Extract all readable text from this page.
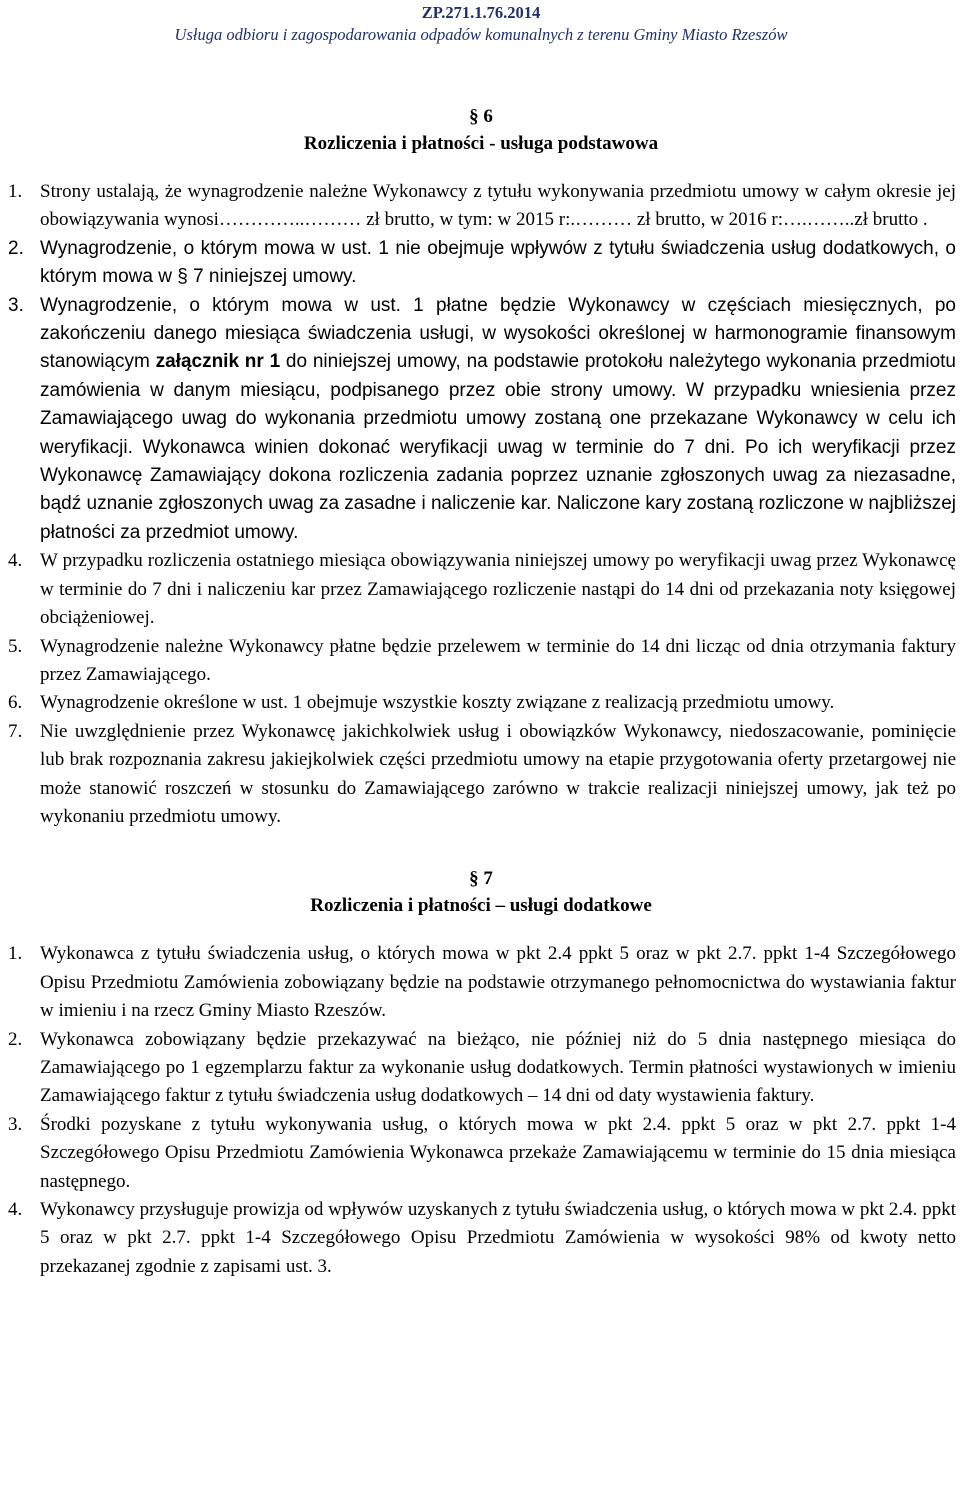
ZP.271.1.76.2014
Usługa odbioru i zagospodarowania odpadów komunalnych z terenu Gminy Miasto Rzeszów
§ 6
Rozliczenia i płatności - usługa podstawowa
1. Strony ustalają, że wynagrodzenie należne Wykonawcy z tytułu wykonywania przedmiotu umowy w całym okresie jej obowiązywania wynosi…………..……… zł brutto, w tym: w 2015 r:.……… zł brutto, w 2016 r:….……..zł brutto .
2. Wynagrodzenie, o którym mowa w ust. 1 nie obejmuje wpływów z tytułu świadczenia usług dodatkowych, o którym mowa w § 7 niniejszej umowy.
3. Wynagrodzenie, o którym mowa w ust. 1 płatne będzie Wykonawcy w częściach miesięcznych, po zakończeniu danego miesiąca świadczenia usługi, w wysokości określonej w harmonogramie finansowym stanowiącym załącznik nr 1 do niniejszej umowy, na podstawie protokołu należytego wykonania przedmiotu zamówienia w danym miesiącu, podpisanego przez obie strony umowy. W przypadku wniesienia przez Zamawiającego uwag do wykonania przedmiotu umowy zostaną one przekazane Wykonawcy w celu ich weryfikacji. Wykonawca winien dokonać weryfikacji uwag w terminie do 7 dni. Po ich weryfikacji przez Wykonawcę Zamawiający dokona rozliczenia zadania poprzez uznanie zgłoszonych uwag za niezasadne, bądź uznanie zgłoszonych uwag za zasadne i naliczenie kar. Naliczone kary zostaną rozliczone w najbliższej płatności za przedmiot umowy.
4. W przypadku rozliczenia ostatniego miesiąca obowiązywania niniejszej umowy po weryfikacji uwag przez Wykonawcę w terminie do 7 dni i naliczeniu kar przez Zamawiającego rozliczenie nastąpi do 14 dni od przekazania noty księgowej obciążeniowej.
5. Wynagrodzenie należne Wykonawcy płatne będzie przelewem w terminie do 14 dni licząc od dnia otrzymania faktury przez Zamawiającego.
6. Wynagrodzenie określone w ust. 1 obejmuje wszystkie koszty związane z realizacją przedmiotu umowy.
7. Nie uwzględnienie przez Wykonawcę jakichkolwiek usług i obowiązków Wykonawcy, niedoszacowanie, pominięcie lub brak rozpoznania zakresu jakiejkolwiek części przedmiotu umowy na etapie przygotowania oferty przetargowej nie może stanowić roszczeń w stosunku do Zamawiającego zarówno w trakcie realizacji niniejszej umowy, jak też po wykonaniu przedmiotu umowy.
§ 7
Rozliczenia i płatności – usługi dodatkowe
1. Wykonawca z tytułu świadczenia usług, o których mowa w pkt 2.4 ppkt 5 oraz w pkt 2.7. ppkt 1-4 Szczegółowego Opisu Przedmiotu Zamówienia zobowiązany będzie na podstawie otrzymanego pełnomocnictwa do wystawiania faktur w imieniu i na rzecz Gminy Miasto Rzeszów.
2. Wykonawca zobowiązany będzie przekazywać na bieżąco, nie później niż do 5 dnia następnego miesiąca do Zamawiającego po 1 egzemplarzu faktur za wykonanie usług dodatkowych. Termin płatności wystawionych w imieniu Zamawiającego faktur z tytułu świadczenia usług dodatkowych – 14 dni od daty wystawienia faktury.
3. Środki pozyskane z tytułu wykonywania usług, o których mowa w pkt 2.4. ppkt 5 oraz w pkt 2.7. ppkt 1-4 Szczegółowego Opisu Przedmiotu Zamówienia Wykonawca przekaże Zamawiającemu w terminie do 15 dnia miesiąca następnego.
4. Wykonawcy przysługuje prowizja od wpływów uzyskanych z tytułu świadczenia usług, o których mowa w pkt 2.4. ppkt 5 oraz w pkt 2.7. ppkt 1-4 Szczegółowego Opisu Przedmiotu Zamówienia w wysokości 98% od kwoty netto przekazanej zgodnie z zapisami ust. 3.
